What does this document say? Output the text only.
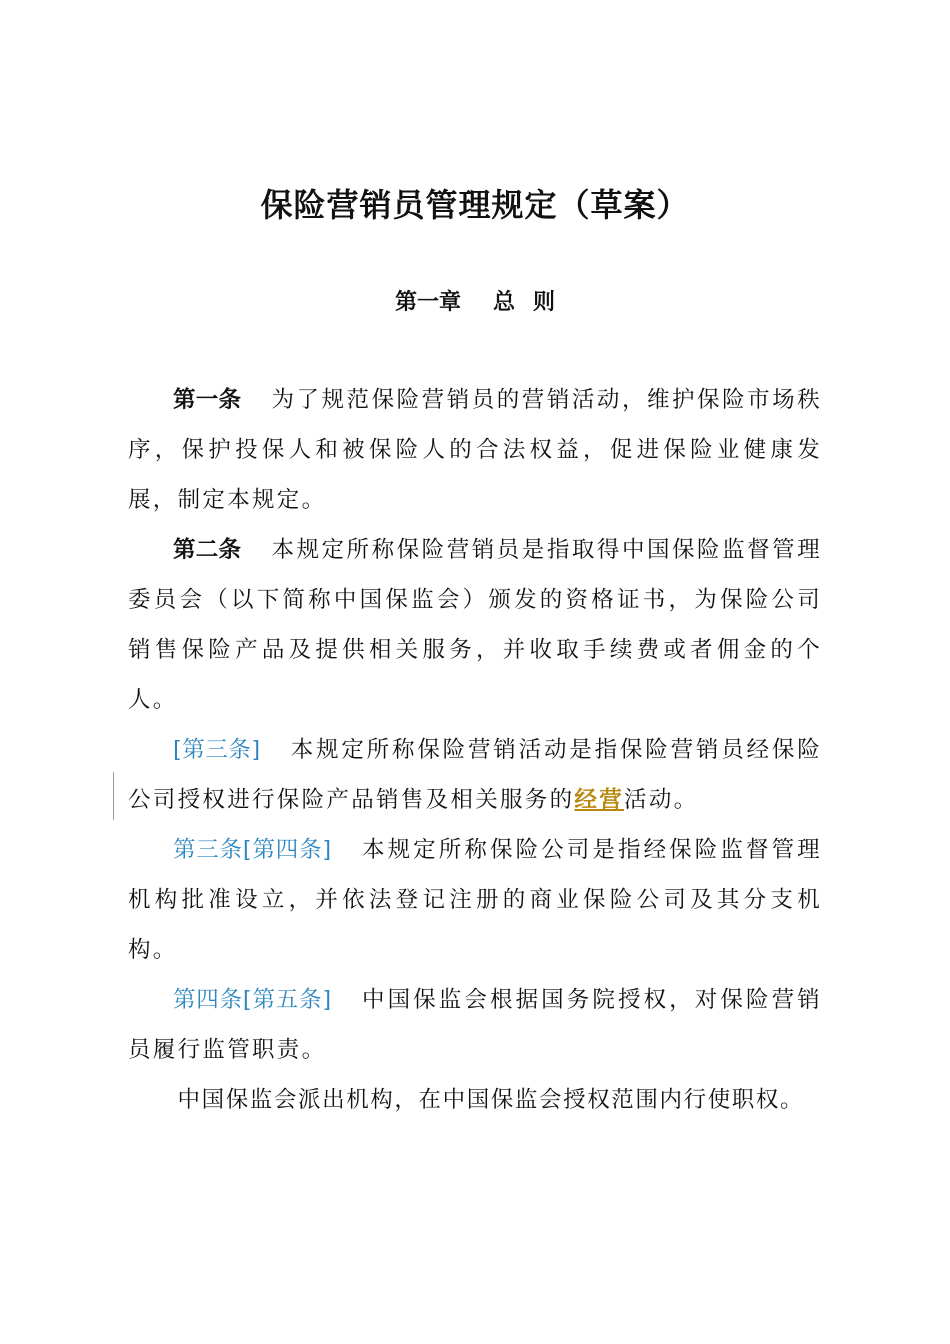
保险营销员管理规定（草案）
第一章 总 则

第一条 为了规范保险营销员的营销活动，维护保险市场秩序，保护投保人和被保险人的合法权益，促进保险业健康发展，制定本规定。

第二条 本规定所称保险营销员是指取得中国保险监督管理委员会（以下简称中国保监会）颁发的资格证书，为保险公司销售保险产品及提供相关服务，并收取手续费或者佣金的个人。

[第三条] 本规定所称保险营销活动是指保险营销员经保险公司授权进行保险产品销售及相关服务的经营活动。

第三条[第四条] 本规定所称保险公司是指经保险监督管理机构批准设立，并依法登记注册的商业保险公司及其分支机构。

第四条[第五条] 中国保监会根据国务院授权，对保险营销员履行监管职责。

中国保监会派出机构，在中国保监会授权范围内行使职权。
